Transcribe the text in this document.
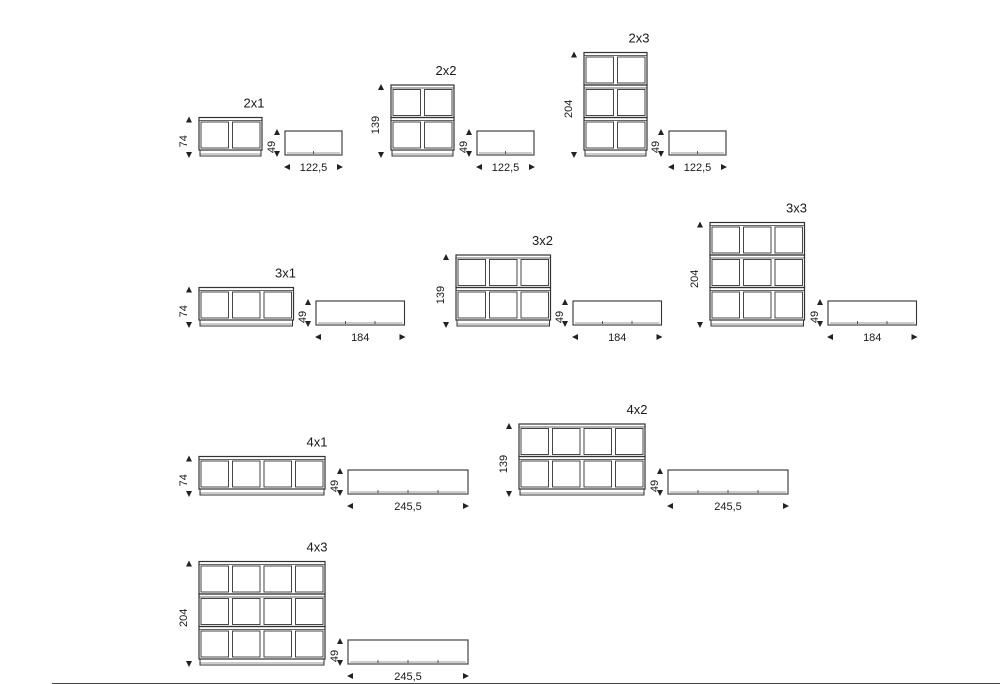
2x1
74	49
122,5
2x2
139
49
122,5
2x3
204
49
122,5
3x1
74	49
184
3x2
139
49
184
3x3
204
49
184
4x1
74	49
245,5
4x2
139
49
245,5
4x3
204
49
245,5
